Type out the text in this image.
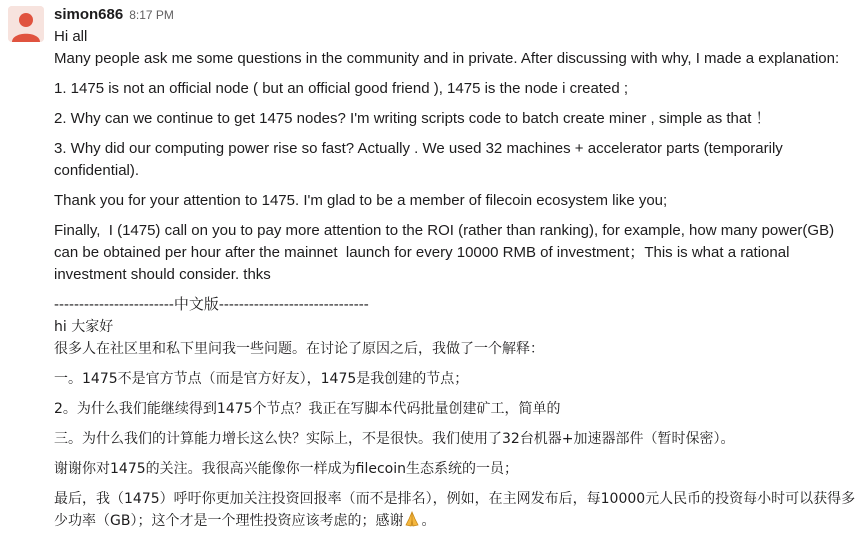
simon686 8:17 PM
Hi all
Many people ask me some questions in the community and in private. After discussing with why, I made a explanation:
1. 1475 is not an official node ( but an official good friend ), 1475 is the node i created ;
2. Why can we continue to get 1475 nodes? I'm writing scripts code to batch create miner , simple as that ！
3. Why did our computing power rise so fast? Actually . We used 32 machines + accelerator parts (temporarily confidential).
Thank you for your attention to 1475. I'm glad to be a member of filecoin ecosystem like you;
Finally,  I (1475) call on you to pay more attention to the ROI (rather than ranking), for example, how many power(GB) can be obtained per hour after the mainnet  launch for every 10000 RMB of investment；This is what a rational investment should consider. thks
------------------------中文版------------------------------
hi 大家好
很多人在社区里和私下里问我一些问题。在讨论了原因之后，我做了一个解释：
一。1475不是官方节点（而是官方好友），1475是我创建的节点；
2。为什么我们能继续得到1475个节点？我正在写脚本代码批量创建矿工，简单的
三。为什么我们的计算能力增长这么快？实际上，不是很快。我们使用了32台机器+加速器部件（暂时保密）。
谢谢你对1475的关注。我很高兴能像你一样成为filecoin生态系统的一员；
最后，我（1475）呼吁你更加关注投资回报率（而不是排名），例如，在主网发布后，每10000元人民币的投资每小时可以获得多少功率（GB）；这个才是一个理性投资应该考虑的；感谢 。
